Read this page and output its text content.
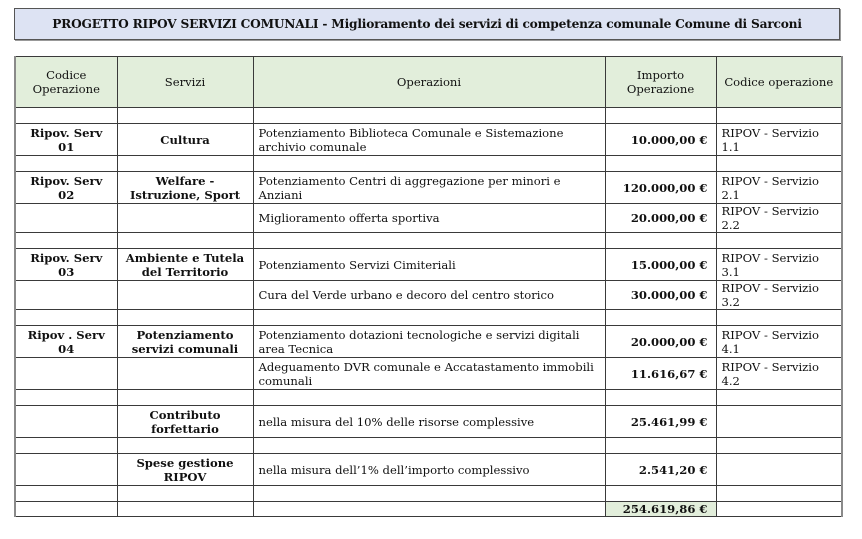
PROGETTO RIPOV SERVIZI COMUNALI - Miglioramento dei servizi di competenza comunale Comune di Sarconi
Codice Operazione	Servizi	Operazioni	Importo Operazione	Codice operazione

Ripov. Serv 01	Cultura	Potenziamento Biblioteca Comunale e Sistemazione archivio comunale	10.000,00 €	RIPOV - Servizio 1.1

Ripov. Serv 02	Welfare - Istruzione, Sport	Potenziamento Centri di aggregazione per minori e Anziani	120.000,00 €	RIPOV - Servizio 2.1
		Miglioramento offerta sportiva	20.000,00 €	RIPOV - Servizio 2.2

Ripov. Serv 03	Ambiente e Tutela del Territorio	Potenziamento Servizi Cimiteriali	15.000,00 €	RIPOV - Servizio 3.1
		Cura del Verde urbano e decoro del centro storico	30.000,00 €	RIPOV - Servizio 3.2

Ripov . Serv 04	Potenziamento servizi comunali	Potenziamento dotazioni tecnologiche e servizi digitali area Tecnica	20.000,00 €	RIPOV - Servizio 4.1
		Adeguamento DVR comunale e Accatastamento immobili comunali	11.616,67 €	RIPOV - Servizio 4.2

	Contributo forfettario	nella misura del 10% delle risorse complessive	25.461,99 €	

	Spese gestione RIPOV	nella misura dell’1% dell’importo complessivo	2.541,20 €	

			254.619,86 €	
